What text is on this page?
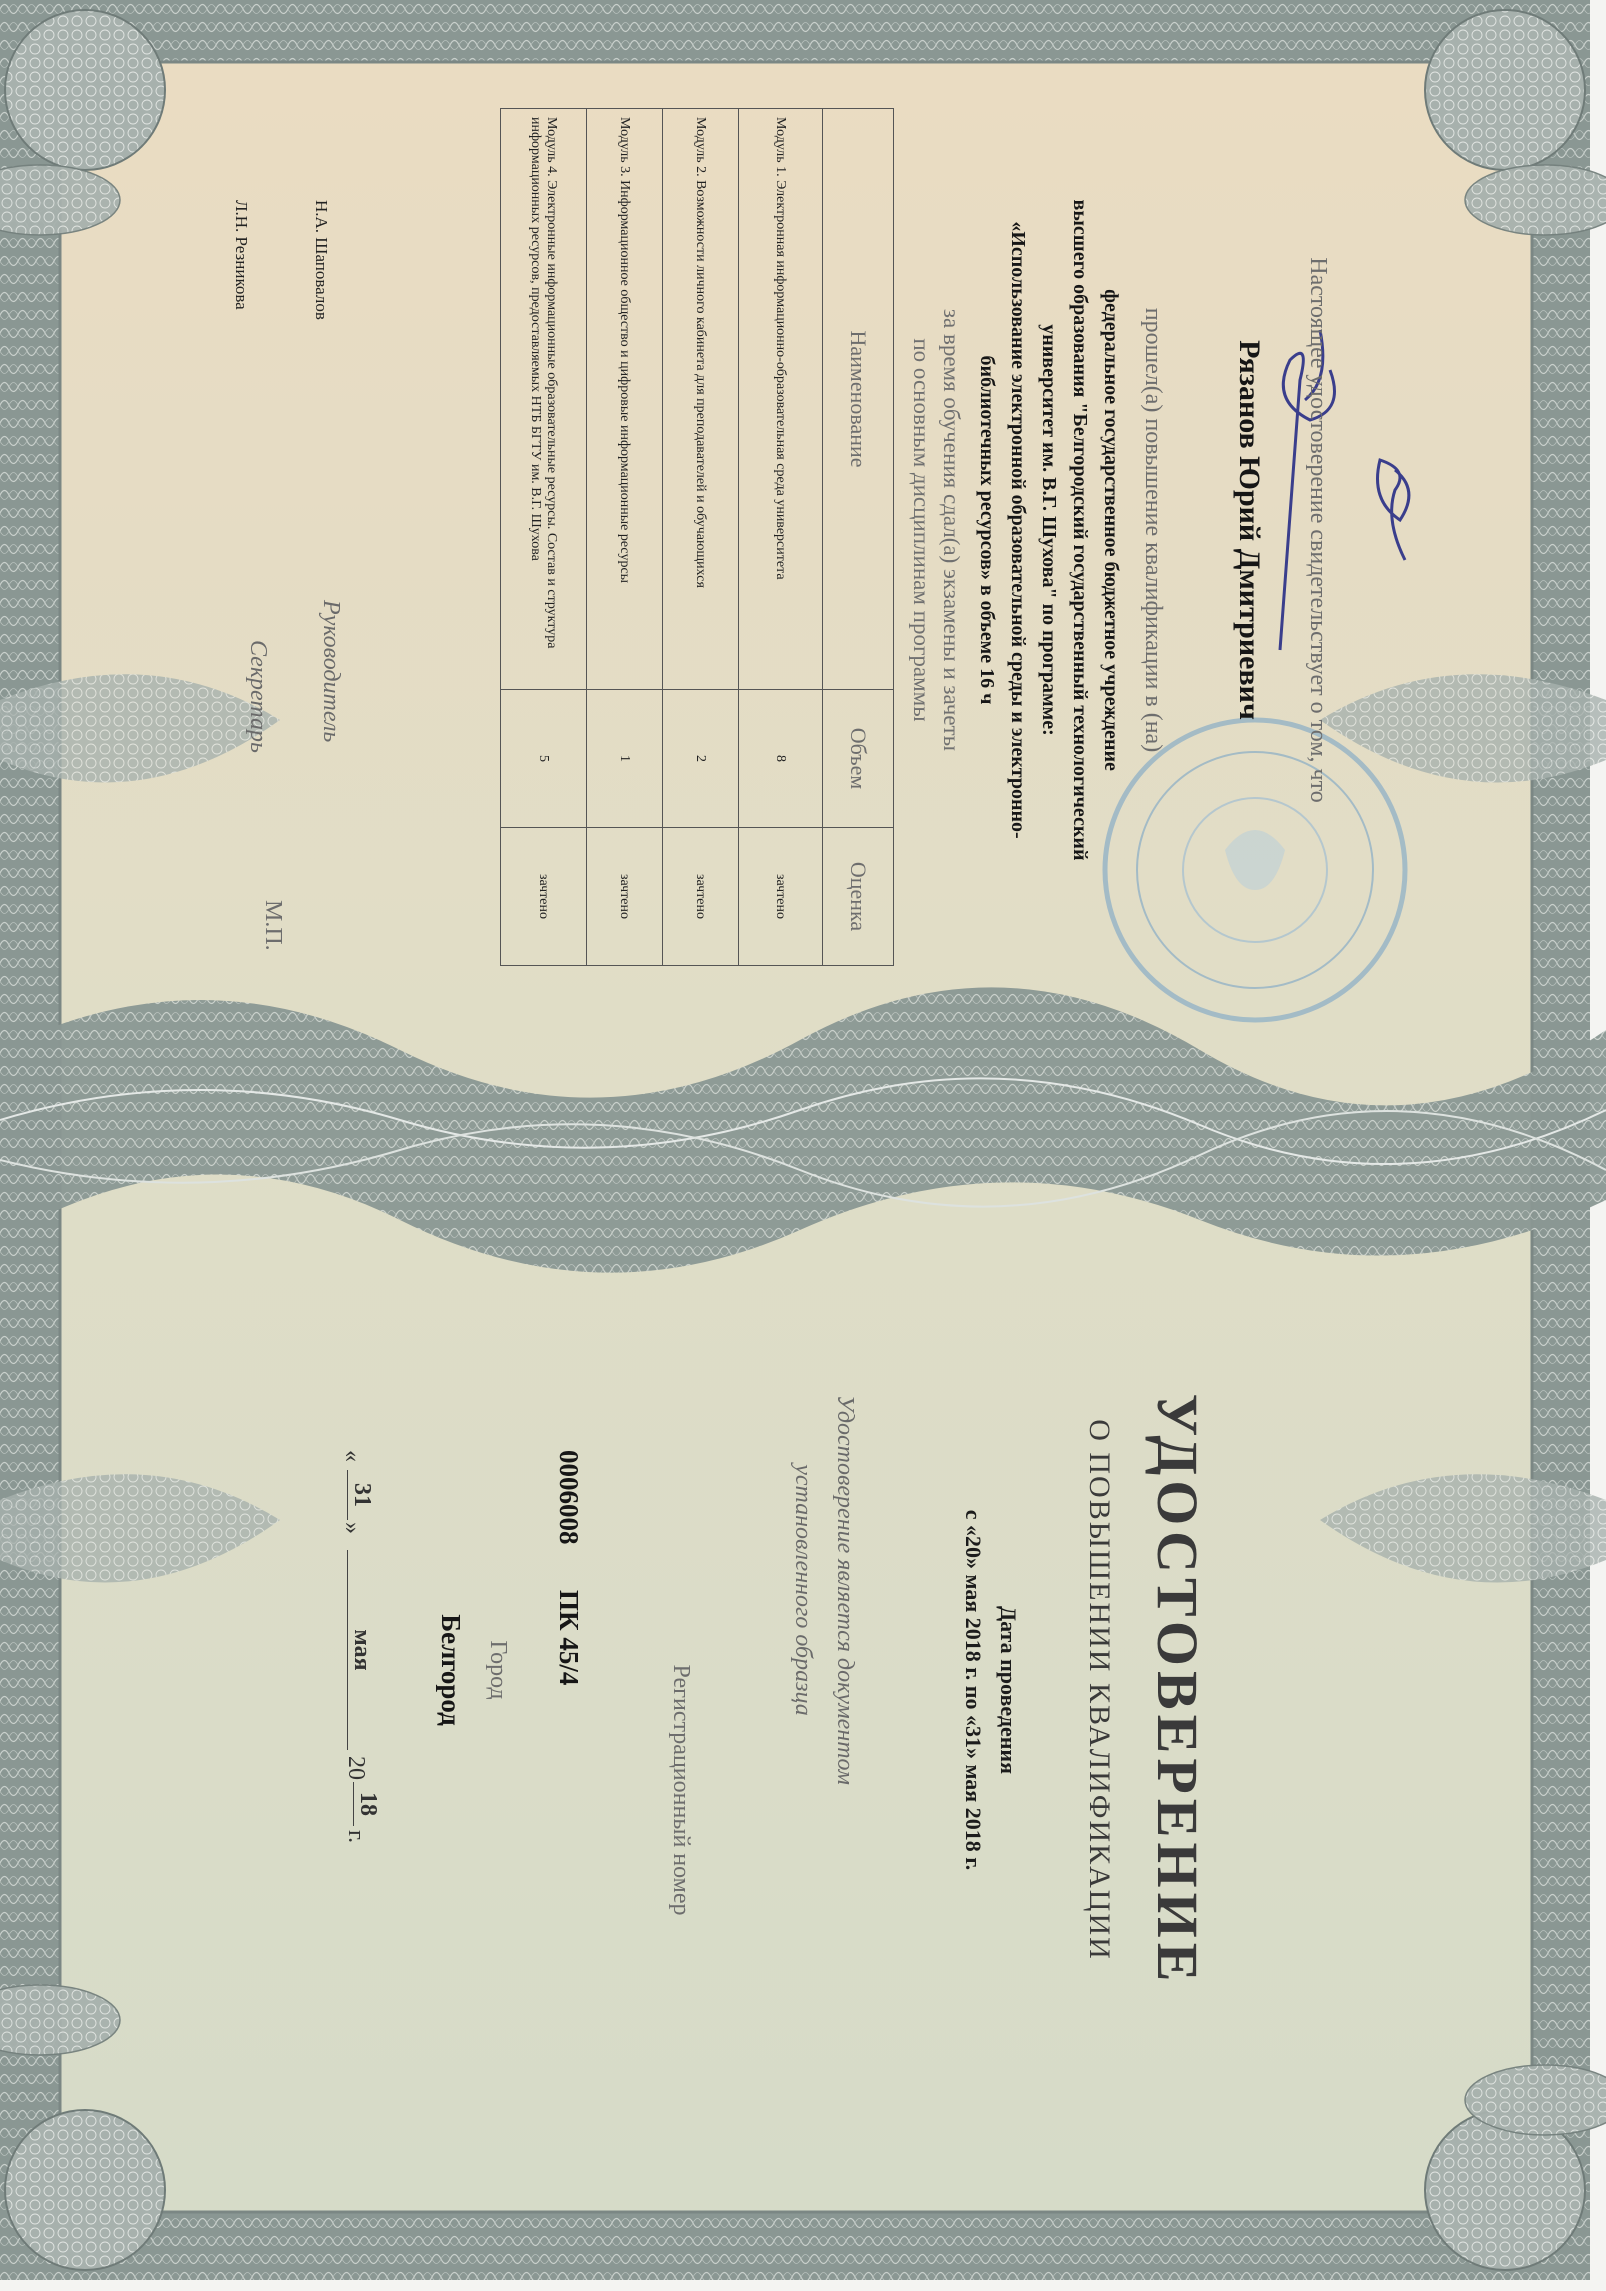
УДОСТОВЕРЕНИЕ
О ПОВЫШЕНИИ КВАЛИФИКАЦИИ
Дата проведения
с «20» мая 2018 г. по «31» мая 2018 г.
Удостоверение является документом
установленного образца
Регистрационный номер
ПК 45/4
0006008
Город
Белгород
«
31
»
мая
20
18
г.
Настоящее удостоверение свидетельствует о том, что
Рязанов Юрий Дмитриевич
прошел(а) повышение квалификации в (на)
федеральное государственное бюджетное учреждение
высшего образования "Белгородский государственный технологический
университет им. В.Г. Шухова" по программе:
«Использование электронной образовательной среды и электронно-
библиотечных ресурсов» в объеме 16 ч
за время обучения сдал(а) экзамены и зачеты
по основным дисциплинам программы
Наименование	Объем	Оценка
Модуль 1. Электронная информационно-образовательная среда университета	8	зачтено
Модуль 2. Возможности личного кабинета для преподавателей и обучающихся	2	зачтено
Модуль 3. Информационное общество и цифровые информационные ресурсы	1	зачтено
Модуль 4. Электронные информационные образовательные ресурсы. Состав и структура информационных ресурсов, предоставляемых НТБ БГТУ им. В.Г. Шухова	5	зачтено
Руководитель
Н.А. Шаповалов
Секретарь
Л.Н. Резникова
М.П.
